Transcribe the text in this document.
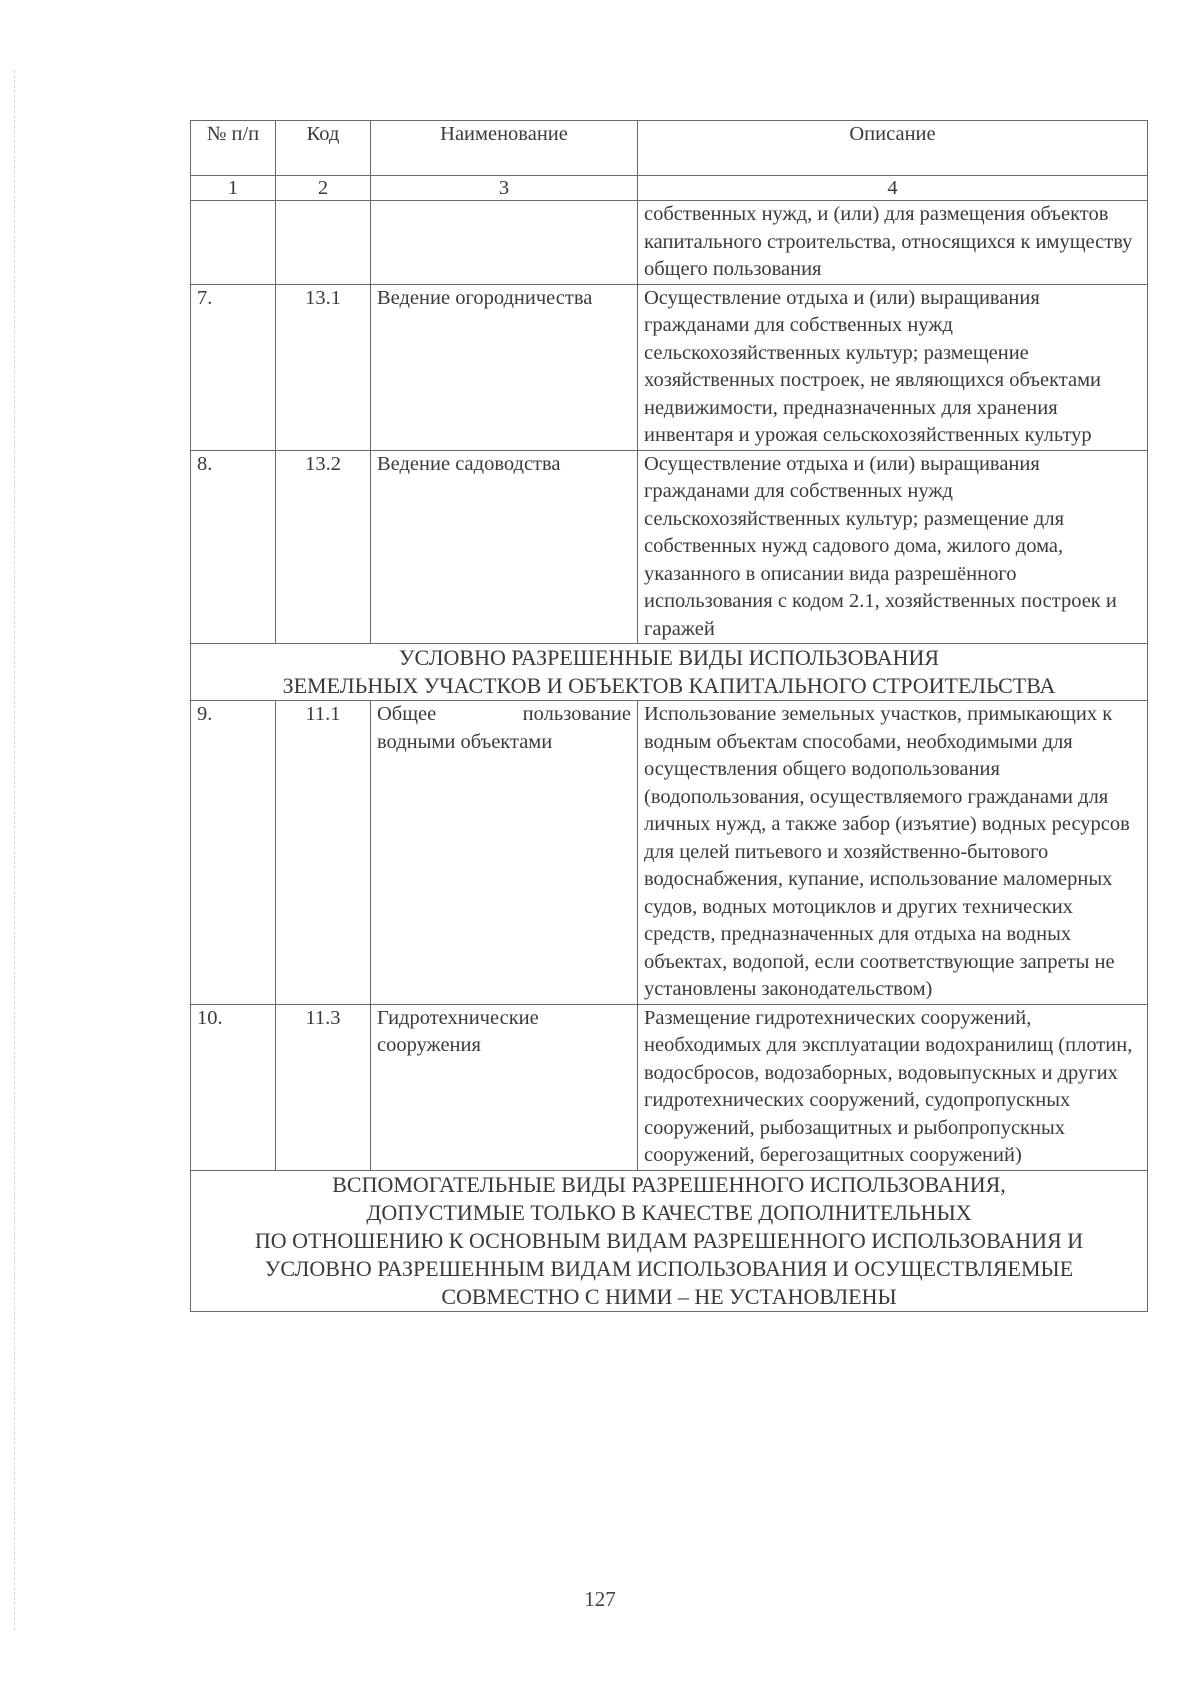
№ п/п	Код	Наименование	Описание
1	2	3	4
			собственных нужд, и (или) для размещения объектов капитального строительства, относящихся к имуществу общего пользования
7.	13.1	Ведение огородничества	Осуществление отдыха и (или) выращивания гражданами для собственных нужд сельскохозяйственных культур; размещение хозяйственных построек, не являющихся объектами недвижимости, предназначенных для хранения инвентаря и урожая сельскохозяйственных культур
8.	13.2	Ведение садоводства	Осуществление отдыха и (или) выращивания гражданами для собственных нужд сельскохозяйственных культур; размещение для собственных нужд садового дома, жилого дома, указанного в описании вида разрешённого использования с кодом 2.1, хозяйственных построек и гаражей

УСЛОВНО РАЗРЕШЕННЫЕ ВИДЫ ИСПОЛЬЗОВАНИЯ
ЗЕМЕЛЬНЫХ УЧАСТКОВ И ОБЪЕКТОВ КАПИТАЛЬНОГО СТРОИТЕЛЬСТВА			

9.	11.1	Общее пользование водными объектами	Использование земельных участков, примыкающих к водным объектам способами, необходимыми для осуществления общего водопользования (водопользования, осуществляемого гражданами для личных нужд, а также забор (изъятие) водных ресурсов для целей питьевого и хозяйственно-бытового водоснабжения, купание, использование маломерных судов, водных мотоциклов и других технических средств, предназначенных для отдыха на водных объектах, водопой, если соответствующие запреты не установлены законодательством)
10.	11.3	Гидротехнические сооружения	Размещение гидротехнических сооружений, необходимых для эксплуатации водохранилищ (плотин, водосбросов, водозаборных, водовыпускных и других гидротехнических сооружений, судопропускных сооружений, рыбозащитных и рыбопропускных сооружений, берегозащитных сооружений)

ВСПОМОГАТЕЛЬНЫЕ ВИДЫ РАЗРЕШЕННОГО ИСПОЛЬЗОВАНИЯ,
ДОПУСТИМЫЕ ТОЛЬКО В КАЧЕСТВЕ ДОПОЛНИТЕЛЬНЫХ
ПО ОТНОШЕНИЮ К ОСНОВНЫМ ВИДАМ РАЗРЕШЕННОГО ИСПОЛЬЗОВАНИЯ И
УСЛОВНО РАЗРЕШЕННЫМ ВИДАМ ИСПОЛЬЗОВАНИЯ И ОСУЩЕСТВЛЯЕМЫЕ
СОВМЕСТНО С НИМИ – НЕ УСТАНОВЛЕНЫ			
127
